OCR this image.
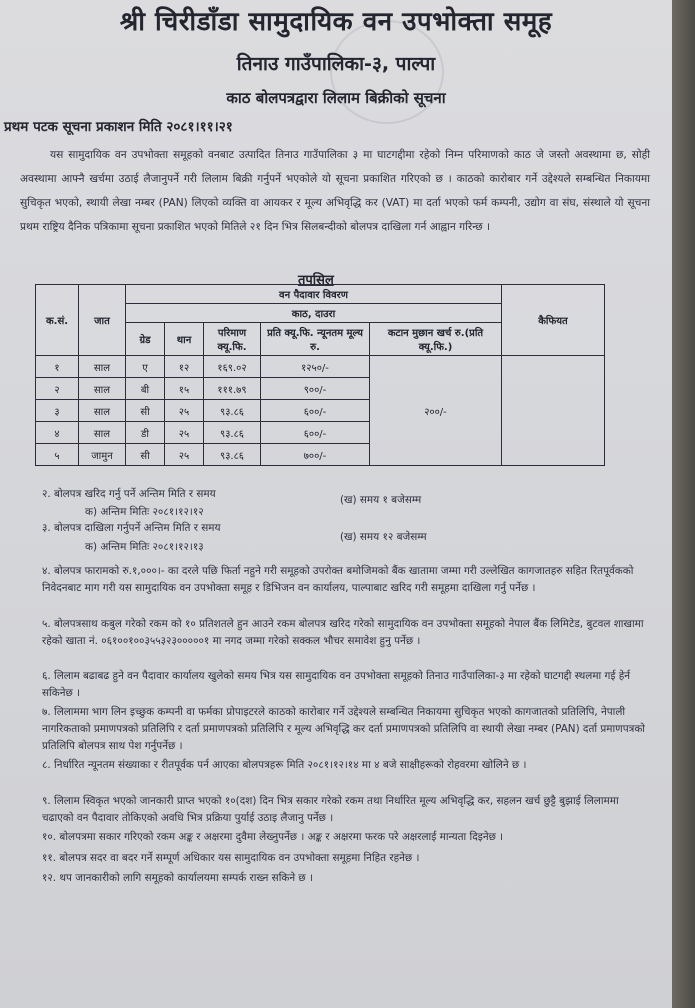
श्री चिरीडाँडा सामुदायिक वन उपभोक्ता समूह
तिनाउ गाउँपालिका-३, पाल्पा
काठ बोलपत्रद्वारा लिलाम बिक्रीको सूचना
प्रथम पटक सूचना प्रकाशन मिति २०८१।११।२१
यस सामुदायिक वन उपभोक्ता समूहको वनबाट उत्पादित तिनाउ गाउँपालिका ३ मा घाटगद्दीमा रहेको निम्न परिमाणको काठ जे जस्तो अवस्थामा छ, सोही अवस्थामा आफ्नै खर्चमा उठाई लैजानुपर्ने गरी लिलाम बिक्री गर्नुपर्ने भएकोले यो सूचना प्रकाशित गरिएको छ । काठको कारोबार गर्ने उद्देश्यले सम्बन्धित निकायमा सुचिकृत भएको, स्थायी लेखा नम्बर (PAN) लिएको व्यक्ति वा आयकर र मूल्य अभिवृद्धि कर (VAT) मा दर्ता भएको फर्म कम्पनी, उद्योग वा संघ, संस्थाले यो सूचना प्रथम राष्ट्रिय दैनिक पत्रिकामा सूचना प्रकाशित भएको मितिले २१ दिन भित्र सिलबन्दीको बोलपत्र दाखिला गर्न आह्वान गरिन्छ ।
तपसिल
क.सं.	जात	वन पैदावार विवरण					कैफियत
		काठ, दाउरा					
		ग्रेड	थान	परिमाण क्यू.फि.	प्रति क्यू.फि. न्यूनतम मूल्य रु.	कटान मुछान खर्च रु.(प्रति क्यू.फि.)	
१	साल	ए	१२	१६९.०२	१२५०/-	२००/-	
२	साल	बी	१५	१११.७९	९००/-		
३	साल	सी	२५	९३.८६	६००/-		
४	साल	डी	२५	९३.८६	६००/-		
५	जामुन	सी	२५	९३.८६	७००/-		
२. बोलपत्र खरिद गर्नु पर्ने अन्तिम मिति र समय
क) अन्तिम मितिः २०८१।१२।१२
(ख) समय १ बजेसम्म
३. बोलपत्र दाखिला गर्नुपर्ने अन्तिम मिति र समय
क) अन्तिम मितिः २०८१।१२।१३
(ख) समय १२ बजेसम्म
४. बोलपत्र फारामको रु.१,०००।- का दरले पछि फिर्ता नहुने गरी समूहको उपरोक्त बमोजिमको बैंक खातामा जम्मा गरी उल्लेखित कागजातहरु सहित रितपूर्वकको निवेदनबाट माग गरी यस सामुदायिक वन उपभोक्ता समूह र डिभिजन वन कार्यालय, पाल्पाबाट खरिद गरी समूहमा दाखिला गर्नु पर्नेछ ।
५. बोलपत्रसाथ कबुल गरेको रकम को १० प्रतिशतले हुन आउने रकम बोलपत्र खरिद गरेको सामुदायिक वन उपभोक्ता समूहको नेपाल बैंक लिमिटेड, बुटवल शाखामा रहेको खाता नं. ०६१००१००३५५३२३०००००१ मा नगद जम्मा गरेको सक्कल भौचर समावेश हुनु पर्नेछ ।
६. लिलाम बढाबढ हुने वन पैदावार कार्यालय खुलेको समय भित्र यस सामुदायिक वन उपभोक्ता समूहको तिनाउ गाउँपालिका-३ मा रहेको घाटगद्दी स्थलमा गई हेर्न सकिनेछ ।
७. लिलाममा भाग लिन इच्छुक कम्पनी वा फर्मका प्रोपाइटरले काठको कारोबार गर्ने उद्देश्यले सम्बन्धित निकायमा सुचिकृत भएको कागजातको प्रतिलिपि, नेपाली नागरिकताको प्रमाणपत्रको प्रतिलिपि र दर्ता प्रमाणपत्रको प्रतिलिपि र मूल्य अभिवृद्धि कर दर्ता प्रमाणपत्रको प्रतिलिपि वा स्थायी लेखा नम्बर (PAN) दर्ता प्रमाणपत्रको प्रतिलिपि बोलपत्र साथ पेश गर्नुपर्नेछ ।
८. निर्धारित न्यूनतम संख्याका र रीतपूर्वक पर्न आएका बोलपत्रहरू मिति २०८१।१२।१४ मा ४ बजे साक्षीहरूको रोहवरमा खोलिने छ ।
९. लिलाम स्विकृत भएको जानकारी प्राप्त भएको १०(दश) दिन भित्र सकार गरेको रकम तथा निर्धारित मूल्य अभिवृद्धि कर, सहलन खर्च छुट्टै बुझाई लिलाममा चढाएको वन पैदावार तोकिएको अवधि भित्र प्रक्रिया पुर्याई उठाइ लैजानु पर्नेछ ।
१०. बोलपत्रमा सकार गरिएको रकम अङ्क र अक्षरमा दुवैमा लेख्नुपर्नेछ । अङ्क र अक्षरमा फरक परे अक्षरलाई मान्यता दिइनेछ ।
११. बोलपत्र सदर वा बदर गर्ने सम्पूर्ण अधिकार यस सामुदायिक वन उपभोक्ता समूहमा निहित रहनेछ ।
१२. थप जानकारीको लागि समूहको कार्यालयमा सम्पर्क राख्न सकिने छ ।
